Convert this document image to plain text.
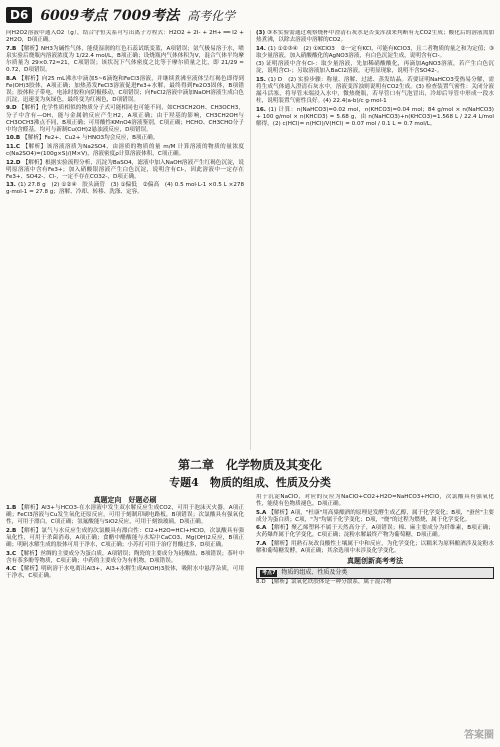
D6 6009考点 7009考法 高考化学
向H2O2溶液中通入O2（g），结合守恒关系可写出离子方程式：H2O2 + 2I- + 2H+ ══ I2 + 2H2O，D项正确。
7.B 【解析】NH3为碱性气体，能使湿润的红色石蕊试纸变蓝，A项错误；氨气极易溶于水，喷泉实验后烧瓶内溶液浓度为 1/22.4 mol/L，B项正确；设烧瓶内气体体积为V，混合气体平均摩尔质量为 29×0.72≈21，C项错误；该状况下气体密度之比等于摩尔质量之比，即 21/29 ≈ 0.72，D项错误。
8.A 【解析】向25 mL沸水中滴加5~6滴饱和FeCl3溶液，并继续煮沸至液体呈红褐色即得到Fe(OH)3胶体，A项正确；加热蒸发FeCl3溶液促进Fe3+水解，最终得到Fe2O3固体，B项错误；胶体粒子带电，电泳时胶粒向阴极移动，C项错误；向FeCl2溶液中滴加NaOH溶液生成白色沉淀，迅速变为灰绿色，最终变为红褐色，D项错误。
9.D 【解析】化学性质相似的物质分子式可能相同也可能不同，如CH3CH2OH、CH3OCH3，分子中含有—OH，能与金属钠反应产生H2，A项正确；由于羟基的影响，CH3CH2OH与CH3OCH3沸点不同，B项正确；可用酸性KMnO4溶液鉴别，C项正确；HCHO、CH3CHO分子中均含醛基，均可与新制Cu(OH)2悬浊液反应，D项错误。
10.B 【解析】Fe2+、Cu2+ 与HNO3均会反应，B项正确。
11.C 【解析】该溶液溶质为Na2SO4，由溶质的物质的量 m/M 计算溶液的物质的量浓度 c(Na2SO4)=(100g×S)/(M×V)，溶液密度ρ计算溶液体积，C项正确。
12.D 【解析】根据实验流程分析，沉淀为BaSO4，滤液中加入NaOH溶液产生红褐色沉淀，说明原溶液中含有Fe3+；加入硝酸银溶液产生白色沉淀，说明含有Cl-，因此溶液中一定存在Fe3+、SO42-、Cl-，一定不存在CO32-，D项正确。
13. (1) 27.8 g　(2) ①②④　胶头滴管　(3) ①偏低　②偏高　(4) 0.5 mol·L-1 ×0.5 L ×278 g·mol-1 = 27.8 g；溶解、冷却、转移、洗涤、定容。
(3) ③本实验需通过观察烧杯中澄清石灰水是否变浑浊来判断有无CO2生成；酸化后的溶液需加热煮沸，以除去溶液中溶解的CO2。
14. (1) ①②③④　(2) ①KClO3　②一定有KCl，可能有KClO3，且二者物质的量之和为定值；③取少量溶液，加入硝酸酸化的AgNO3溶液，有白色沉淀生成，说明含有Cl-。
(3) 证明溶液中含有Cl-：取少量溶液，先加稀硝酸酸化，再滴加AgNO3溶液，若产生白色沉淀，说明含Cl-；另取溶液加入BaCl2溶液，无明显现象，说明不含SO42-。
15. (1) D　(2) 实验步骤：称量、溶解、过滤、蒸发结晶。若要证明NaHCO3受热易分解，需将生成气体通入澄清石灰水中，溶液变浑浊则说明有CO2生成。(3) 检查装置气密性：关闭分液漏斗活塞，将导管末端浸入水中，微热烧瓶，若导管口有气泡冒出，冷却后导管中形成一段水柱，说明装置气密性良好。(4) 22.4(a-b)/c g·mol-1
16. (1) 计算：n(NaHCO3)=0.02 mol，n(KHCO3)=0.04 mol；84 g/mol × n(NaHCO3) + 100 g/mol × n(KHCO3) = 5.68 g，由 n(NaHCO3)+n(KHCO3)=1.568 L / 22.4 L/mol 解得。(2) c(HCl)= n(HCl)/V(HCl) = 0.07 mol / 0.1 L = 0.7 mol/L。
第二章　化学物质及其变化
专题4　物质的组成、性质及分类
真题定向　好题必刷
1.B 【解析】Al3+与HCO3-在水溶液中发生双水解反应生成CO2，可用于泡沫灭火器，A项正确；FeCl3溶液与Cu发生氧化还原反应，可用于刻制印刷电路板，B项错误；次氯酸具有强氧化性，可用于漂白，C项正确；氢氟酸能与SiO2反应，可用于刻蚀玻璃，D项正确。
2.B 【解析】氯气与水反应生成的次氯酸具有漂白性：Cl2+H2O=HCl+HClO，次氯酸具有强氧化性，可用于杀菌消毒，A项正确；食醋中醋酸能与水垢中CaCO3、Mg(OH)2反应，B项正确；明矾水解生成的胶体可用于净水，C项正确；小苏打可用于治疗胃酸过多，D项正确。
3.C 【解析】丝绸的主要成分为蛋白质，A项错误；陶瓷的主要成分为硅酸盐，B项错误；茶叶中含有茶多酚等物质，C项正确；中药的主要成分为有机物，D项错误。
4.C 【解析】明矾溶于水电离出Al3+，Al3+水解生成Al(OH)3胶体，吸附水中悬浮杂质，可用于净水，C项正确。
用于沉淀NaClO，对应的反应为NaClO+CO2+H2O=NaHCO3+HClO，次氯酸具有强氧化性，能使有色物质褪色，D项正确。
5.A 【解析】A项，"杜康"用高粱酿酒的原理是发酵生成乙醇，属于化学变化；B项，"蚕丝"主要成分为蛋白质；C项，"为"均属于化学变化；D项，"烧"的过程为燃烧，属于化学变化。
6.A 【解析】聚乙烯塑料不属于天然高分子，A项错误；棉、麻主要成分为纤维素，B项正确；火药爆炸属于化学变化，C项正确；淀粉水解最终产物为葡萄糖，D项正确。
7.A 【解析】用熟石灰改良酸性土壤属于中和反应，为化学变化；以糯米为原料酿酒涉及淀粉水解和葡萄糖发酵，A项正确；其余选项中未涉及化学变化。
真题创新高考考法
考点7 物质的组成、性质及分类
8.D　【解析】氯氧化铁胶体是一种分散系，属于混合物
答案圈
